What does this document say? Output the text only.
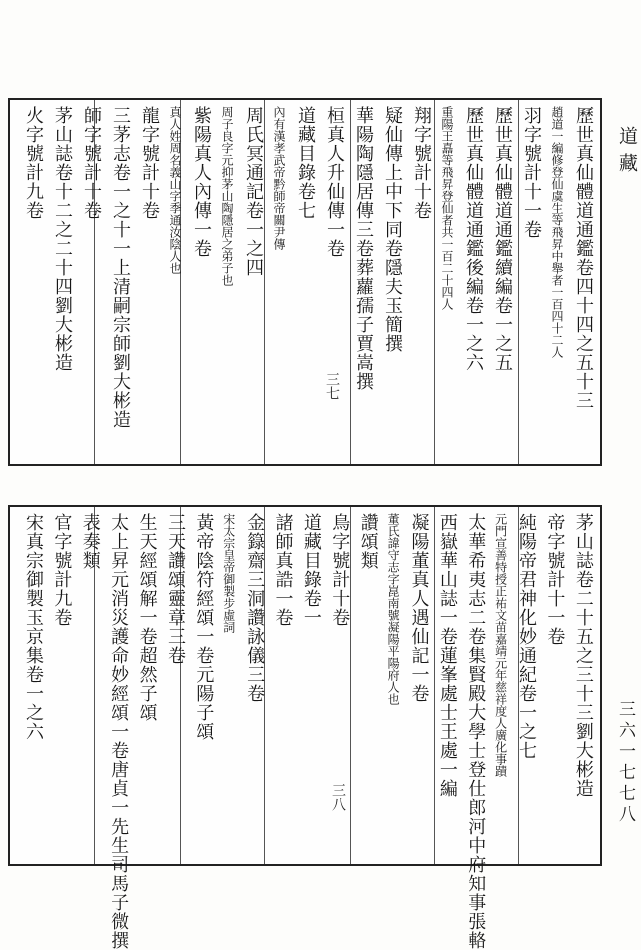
道藏
歷世真仙體道通鑑卷四十四之五十三
趙道一編修登仙虞生等飛昇中舉者一百四十二人
羽字號計十一卷
歷世真仙體道通鑑續編卷一之五
歷世真仙體道通鑑後編卷一之六
重陽王嚞等飛昇登仙者共一百二十四人
翔字號計十卷
疑仙傳上中下同卷隱夫玉簡撰
華陽陶隱居傳三卷葬蘿孺子賈嵩撰
桓真人升仙傳一卷
道藏目錄卷七
內有漢孝武帝黔師帝關尹傳
周氏冥通記卷一之四
周子良字元抑茅山陶隱居之弟子也
紫陽真人內傳一卷
真人姓周名義山字季通汝陰人也
龍字號計十卷
三茅志卷一之十一上清嗣宗師劉大彬造
師字號計十卷
茅山誌卷十二之二十四劉大彬造
火字號計九卷
三七
茅山誌卷二十五之三十三劉大彬造
帝字號計十一卷
純陽帝君神化妙通紀卷一之七
元門宣善特授正祐文苗嘉靖元年慈祥度人廣化事蹟
太華希夷志二卷集賢殿大學士登仕郎河中府知事張輅
西嶽華山誌一卷蓮峯處士王處一編
凝陽董真人遇仙記一卷
董氏諱守志字崑南號凝陽平陽府人也
讚頌類
鳥字號計十卷
道藏目錄卷一
諸師真誥一卷
金籙齋三洞讚詠儀三卷
宋太宗皇帝御製步虛詞
黃帝陰符經頌一卷元陽子頌
三天讚頌靈章三卷
生天經頌解一卷超然子頌
太上昇元消災護命妙經頌一卷唐貞一先生司馬子微撰
表奏類
官字號計九卷
宋真宗御製玉京集卷一之六
三八	三六一七七八
